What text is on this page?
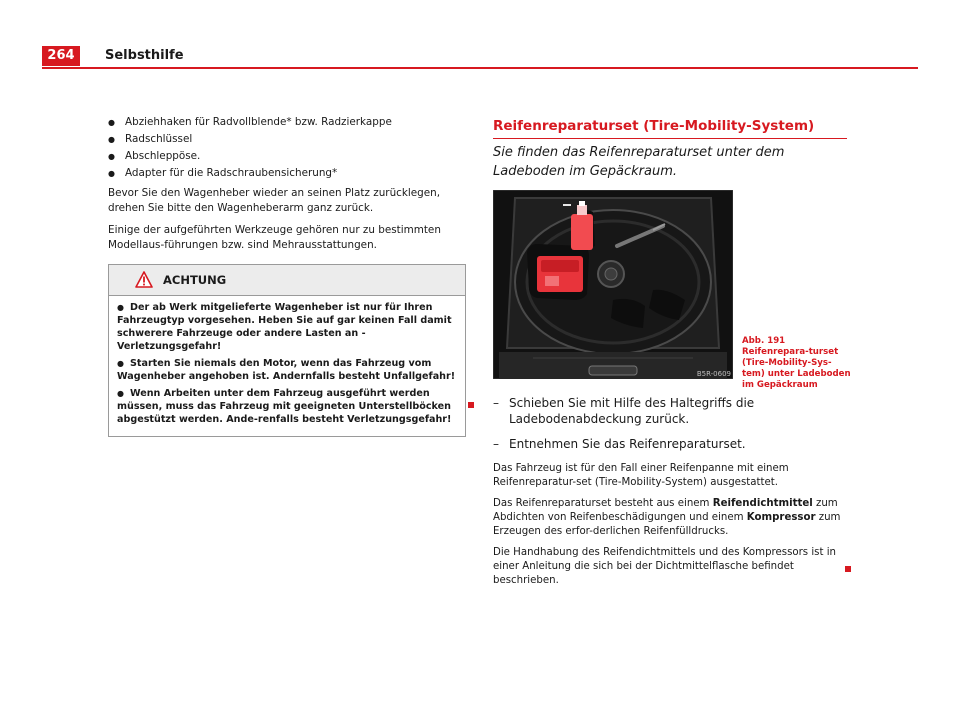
264	Selbsthilfe
● Abziehhaken für Radvollblende* bzw. Radzierkappe
● Radschlüssel
● Abschleppöse.
● Adapter für die Radschraubensicherung*

Bevor Sie den Wagenheber wieder an seinen Platz zurücklegen, drehen Sie bitte den Wagenheberarm ganz zurück.

Einige der aufgeführten Werkzeuge gehören nur zu bestimmten Modellaus-führungen bzw. sind Mehrausstattungen.

ACHTUNG

● Der ab Werk mitgelieferte Wagenheber ist nur für Ihren Fahrzeugtyp vorgesehen. Heben Sie auf gar keinen Fall damit schwerere Fahrzeuge oder andere Lasten an - Verletzungsgefahr!

● Starten Sie niemals den Motor, wenn das Fahrzeug vom Wagenheber angehoben ist. Andernfalls besteht Unfallgefahr!

● Wenn Arbeiten unter dem Fahrzeug ausgeführt werden müssen, muss das Fahrzeug mit geeigneten Unterstellböcken abgestützt werden. Ande-renfalls besteht Verletzungsgefahr!

Reifenreparaturset (Tire-Mobility-System)
Sie finden das Reifenreparaturset unter dem Ladeboden im Gepäckraum.
B5R-0609
Abb. 191 Reifenrepara-turset (Tire-Mobility-Sys-tem) unter Ladeboden im Gepäckraum
– Schieben Sie mit Hilfe des Haltegriffs die Ladebodenabdeckung zurück.
– Entnehmen Sie das Reifenreparaturset.

Das Fahrzeug ist für den Fall einer Reifenpanne mit einem Reifenreparatur-set (Tire-Mobility-System) ausgestattet.

Das Reifenreparaturset besteht aus einem Reifendichtmittel zum Abdichten von Reifenbeschädigungen und einem Kompressor zum Erzeugen des erfor-derlichen Reifenfülldrucks.

Die Handhabung des Reifendichtmittels und des Kompressors ist in einer Anleitung die sich bei der Dichtmittelflasche befindet beschrieben.
